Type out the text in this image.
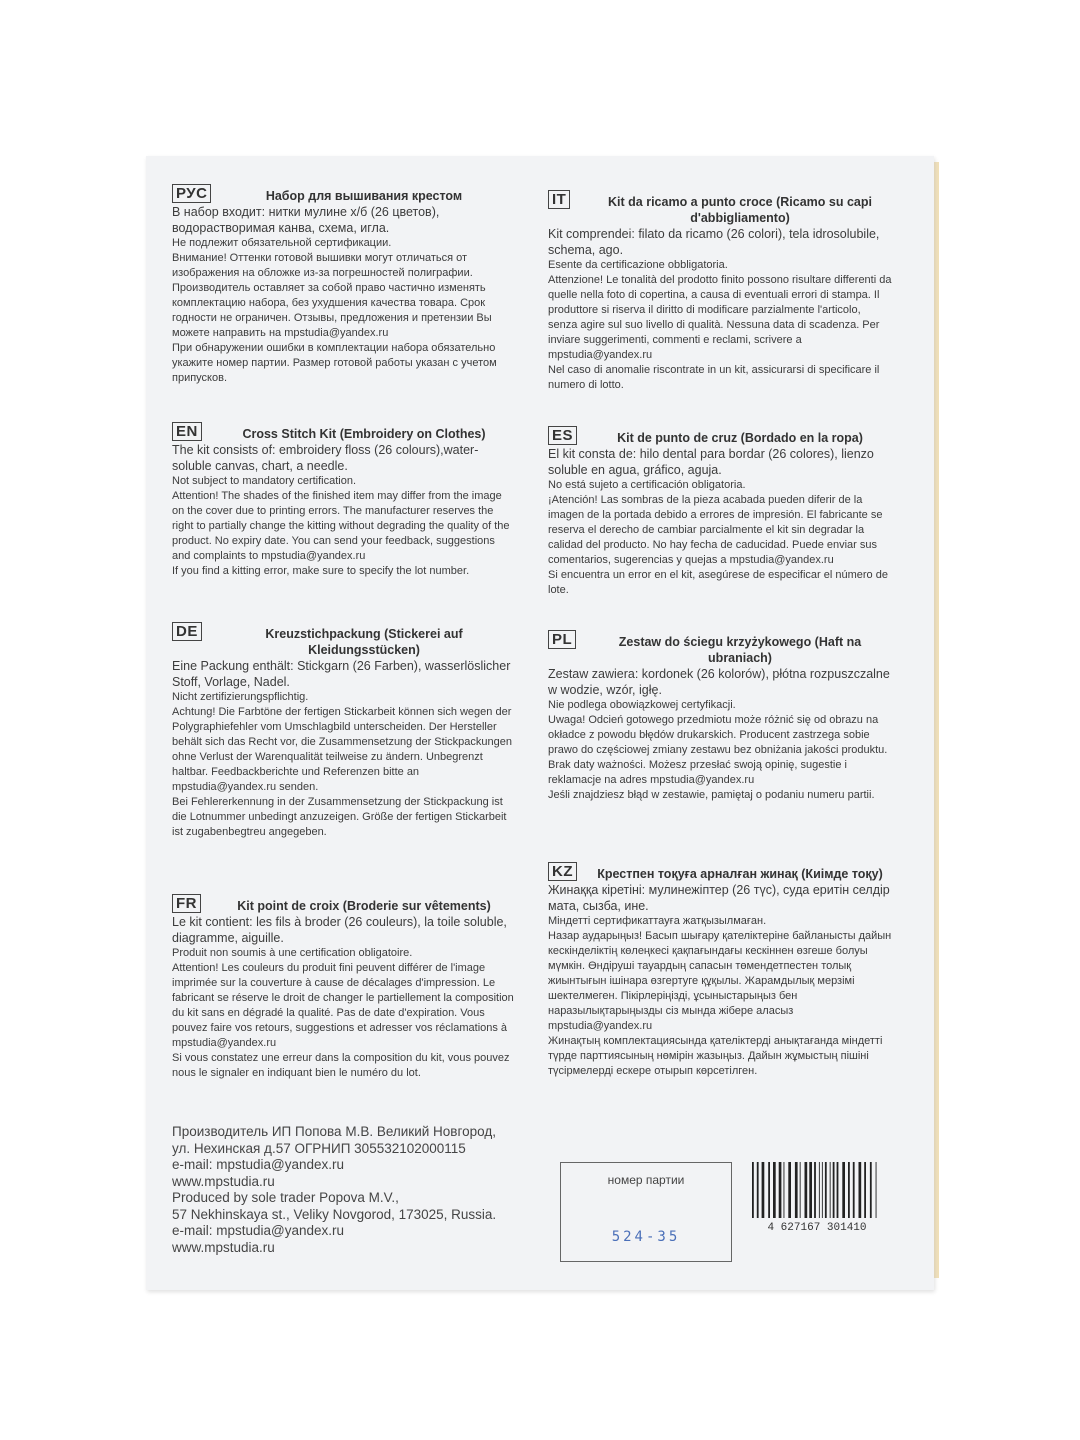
РУС	Набор для вышивания крестом

В набор входит: нитки мулине х/б (26 цветов), водорастворимая канва, схема, игла.

Не подлежит обязательной сертификации.

Внимание! Оттенки готовой вышивки могут отличаться от изображения на обложке из-за погрешностей полиграфии. Производитель оставляет за собой право частично изменять комплектацию набора, без ухудшения качества товара. Срок годности не ограничен. Отзывы, предложения и претензии Вы можете направить на mpstudia@yandex.ru

При обнаружении ошибки в комплектации набора обязательно укажите номер партии. Размер готовой работы указан с учетом припусков.

IT	Kit da ricamo a punto croce (Ricamo su capi d'abbigliamento)

Kit comprendei: filato da ricamo (26 colori), tela idrosolubile, schema, ago.

Esente da certificazione obbligatoria.

Attenzione! Le tonalità del prodotto finito possono risultare differenti da quelle nella foto di copertina, a causa di eventuali errori di stampa. Il produttore si riserva il diritto di modificare parzialmente l'articolo, senza agire sul suo livello di qualità. Nessuna data di scadenza. Per inviare suggerimenti, commenti e reclami, scrivere a mpstudia@yandex.ru

Nel caso di anomalie riscontrate in un kit, assicurarsi di specificare il numero di lotto.

EN	Cross Stitch Kit (Embroidery on Clothes)

The kit consists of: embroidery floss (26 colours),water-soluble canvas, chart, a needle.

Not subject to mandatory certification.

Attention! The shades of the finished item may differ from the image on the cover due to printing errors. The manufacturer reserves the right to partially change the kitting without degrading the quality of the product. No expiry date. You can send your feedback, suggestions and complaints to mpstudia@yandex.ru

If you find a kitting error, make sure to specify the lot number.

ES	Kit de punto de cruz (Bordado en la ropa)

El kit consta de: hilo dental para bordar (26 colores), lienzo soluble en agua, gráfico, aguja.

No está sujeto a certificación obligatoria.

¡Atención! Las sombras de la pieza acabada pueden diferir de la imagen de la portada debido a errores de impresión. El fabricante se reserva el derecho de cambiar parcialmente el kit sin degradar la calidad del producto. No hay fecha de caducidad. Puede enviar sus comentarios, sugerencias y quejas a mpstudia@yandex.ru

Si encuentra un error en el kit, asegúrese de especificar el número de lote.

DE	Kreuzstichpackung (Stickerei auf Kleidungsstücken)

Eine Packung enthält: Stickgarn (26 Farben), wasserlöslicher Stoff, Vorlage, Nadel.

Nicht zertifizierungspflichtig.

Achtung! Die Farbtöne der fertigen Stickarbeit können sich wegen der Polygraphiefehler vom Umschlagbild unterscheiden. Der Hersteller behält sich das Recht vor, die Zusammensetzung der Stickpackungen ohne Verlust der Warenqualität teilweise zu ändern. Unbegrenzt haltbar. Feedbackberichte und Referenzen bitte an mpstudia@yandex.ru senden.

Bei Fehlererkennung in der Zusammensetzung der Stickpackung ist die Lotnummer unbedingt anzuzeigen. Größe der fertigen Stickarbeit ist zugabenbegtreu angegeben.

PL	Zestaw do ściegu krzyżykowego (Haft na ubraniach)

Zestaw zawiera: kordonek (26 kolorów), płótna rozpuszczalne w wodzie, wzór, igłę.

Nie podlega obowiązkowej certyfikacji.

Uwaga! Odcień gotowego przedmiotu może różnić się od obrazu na okładce z powodu błędów drukarskich. Producent zastrzega sobie prawo do częściowej zmiany zestawu bez obniżania jakości produktu. Brak daty ważności. Możesz przesłać swoją opinię, sugestie i reklamacje na adres mpstudia@yandex.ru

Jeśli znajdziesz błąd w zestawie, pamiętaj o podaniu numeru partii.

FR	Kit point de croix (Broderie sur vêtements)

Le kit contient: les fils à broder (26 couleurs), la toile soluble, diagramme, aiguille.

Produit non soumis à une certification obligatoire.

Attention! Les couleurs du produit fini peuvent différer de l'image imprimée sur la couverture à cause de décalages d'impression. Le fabricant se réserve le droit de changer le partiellement la composition du kit sans en dégradé la qualité. Pas de date d'expiration. Vous pouvez faire vos retours, suggestions et adresser vos réclamations à mpstudia@yandex.ru

Si vous constatez une erreur dans la composition du kit, vous pouvez nous le signaler en indiquant bien le numéro du lot.

KZ	Крестпен тоқуға арналған жинақ (Киімде тоқу)

Жинаққа кіретіні: мулинежіптер (26 түс), суда еритін селдір мата, сызба, ине.

Міндетті сертификаттауға жатқызылмаған.

Назар аударыңыз! Басып шығару қателіктеріне байланысты дайын кескінделіктің көлеңкесі қақпағындағы кескіннен өзгеше болуы мүмкін. Өндіруші тауардың сапасын төмендетпестен толық жиынтығын ішінара өзгертуге құқылы. Жарамдылық мерзімі шектелмеген. Пікірлеріңізді, ұсыныстарыңыз бен наразылықтарыңызды сіз мында жібере аласыз mpstudia@yandex.ru

Жинақтың комплектациясында қателіктерді анықтағанда міндетті түрде парттиясының нөмірін жазыңыз. Дайын жұмыстың пішіні түсірмелерді ескере отырып көрсетілген.

Производитель ИП Попова М.В. Великий Новгород,

ул. Нехинская д.57 ОГРНИП 305532102000115

e-mail: mpstudia@yandex.ru

www.mpstudia.ru

Produced by sole trader Popova M.V.,

57 Nekhinskaya st., Veliky Novgorod, 173025, Russia.

e-mail: mpstudia@yandex.ru

www.mpstudia.ru

номер партии
524-35
4 627167 301410
